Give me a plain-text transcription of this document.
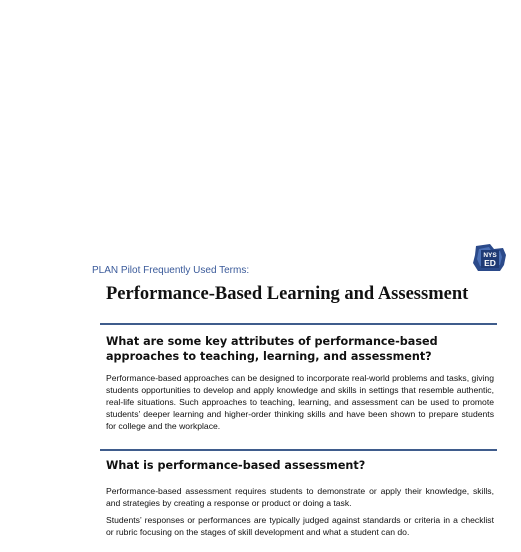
NYS
ED
PLAN Pilot Frequently Used Terms:
Performance-Based Learning and Assessment
What are some key attributes of performance-based approaches to teaching, learning, and assessment?

Performance-based approaches can be designed to incorporate real-world problems and tasks, giving students opportunities to develop and apply knowledge and skills in settings that resemble authentic, real-life situations. Such approaches to teaching, learning, and assessment can be used to promote students’ deeper learning and higher-order thinking skills and have been shown to prepare students for college and the workplace.

What is performance-based assessment?

Performance-based assessment requires students to demonstrate or apply their knowledge, skills, and strategies by creating a response or product or doing a task.

Students’ responses or performances are typically judged against standards or criteria in a checklist or rubric focusing on the stages of skill development and what a student can do.
